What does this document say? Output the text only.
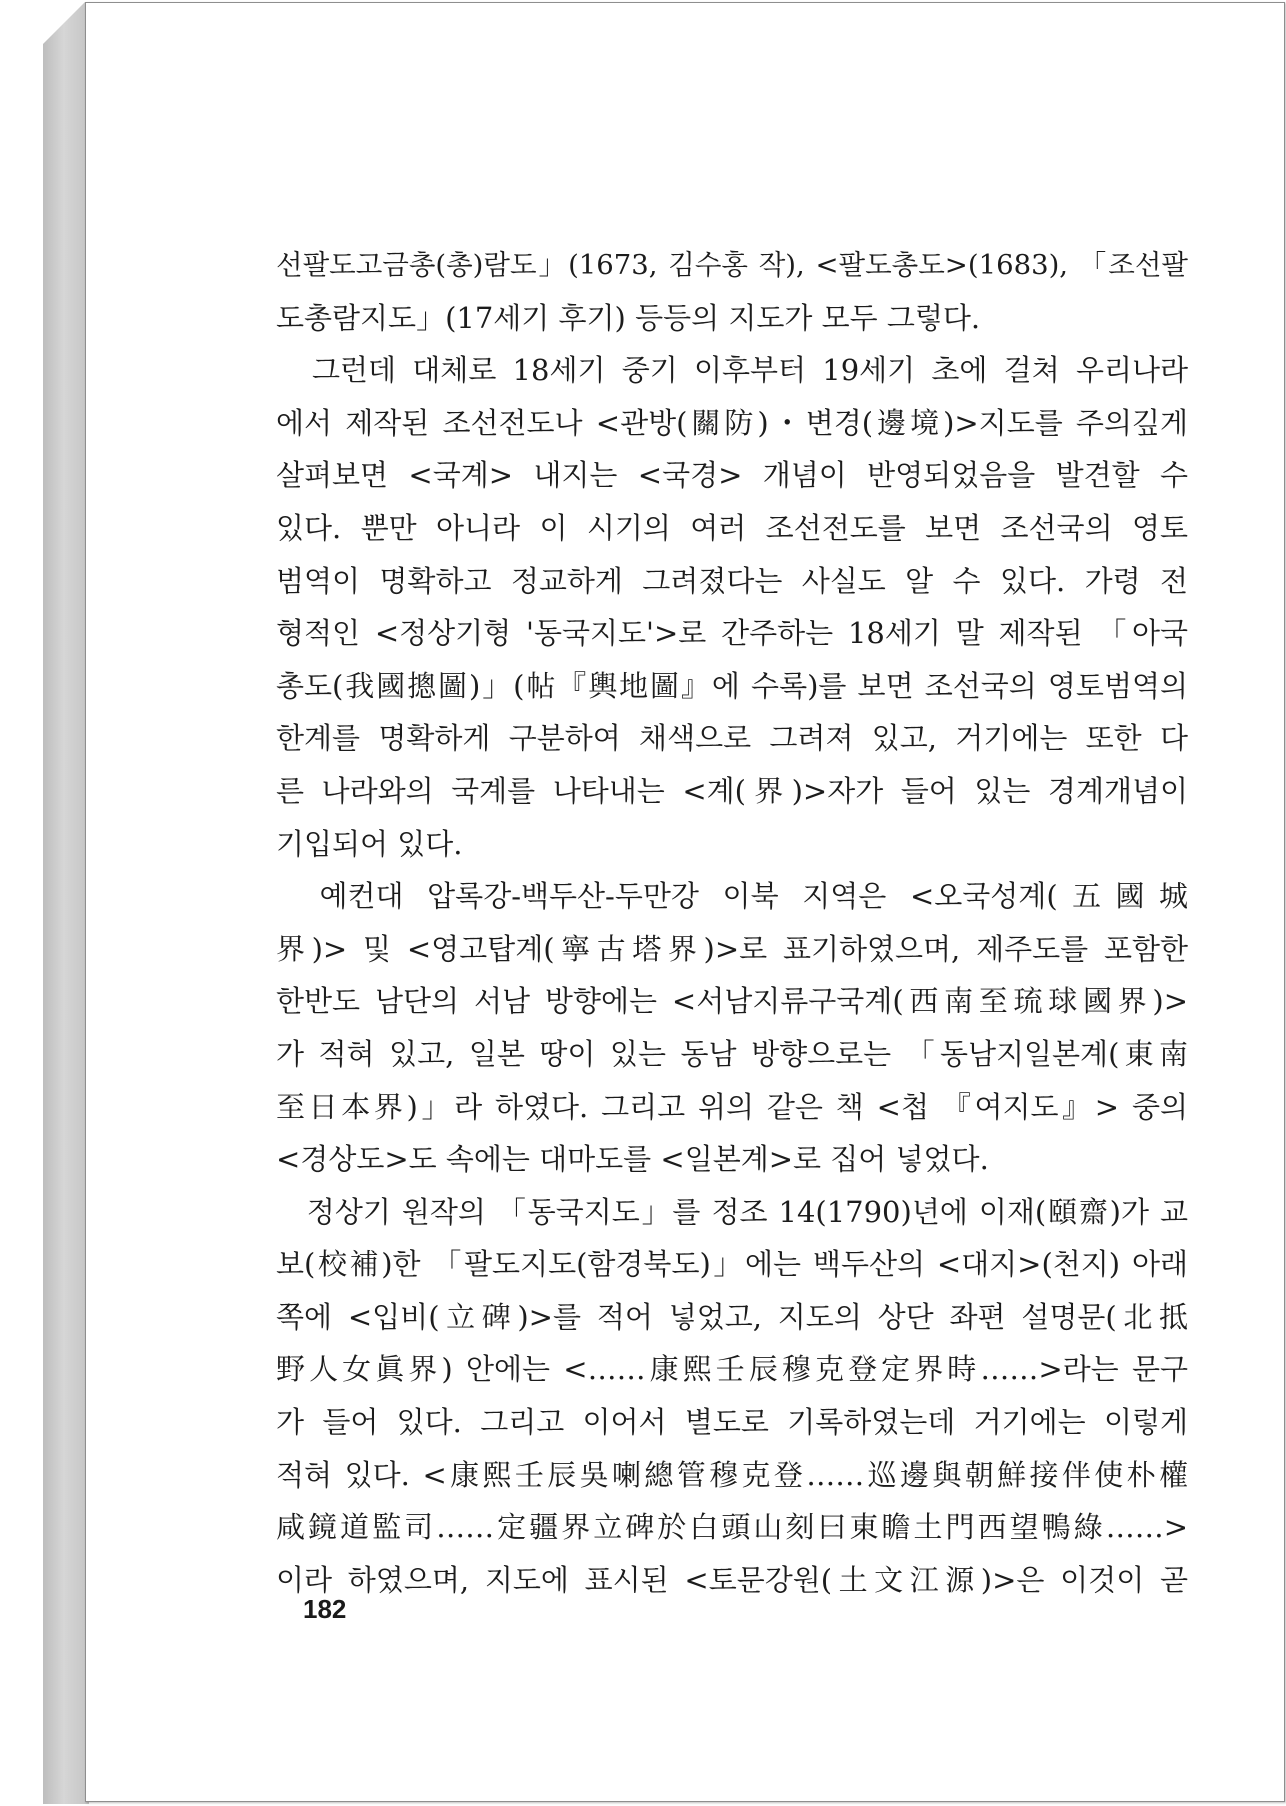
선팔도고금총(총)람도」(1673, 김수홍 작), <팔도총도>(1683), 「조선팔
도총람지도」(17세기 후기) 등등의 지도가 모두 그렇다.
　그런데 대체로 18세기 중기 이후부터 19세기 초에 걸쳐 우리나라
에서 제작된 조선전도나 <관방(關防)・변경(邊境)>지도를 주의깊게
살펴보면 <국계> 내지는 <국경> 개념이 반영되었음을 발견할 수
있다. 뿐만 아니라 이 시기의 여러 조선전도를 보면 조선국의 영토
범역이 명확하고 정교하게 그려졌다는 사실도 알 수 있다. 가령 전
형적인 <정상기형 '동국지도'>로 간주하는 18세기 말 제작된 「아국
총도(我國摠圖)」(帖『輿地圖』에 수록)를 보면 조선국의 영토범역의
한계를 명확하게 구분하여 채색으로 그려져 있고, 거기에는 또한 다
른 나라와의 국계를 나타내는 <계(界)>자가 들어 있는 경계개념이
기입되어 있다.
　예컨대 압록강-백두산-두만강 이북 지역은 <오국성계(五國城
界)> 및 <영고탑계(寧古塔界)>로 표기하였으며, 제주도를 포함한
한반도 남단의 서남 방향에는 <서남지류구국계(西南至琉球國界)>
가 적혀 있고, 일본 땅이 있는 동남 방향으로는 「동남지일본계(東南
至日本界)」라 하였다. 그리고 위의 같은 책 <첩 『여지도』> 중의
<경상도>도 속에는 대마도를 <일본계>로 집어 넣었다.
　정상기 원작의 「동국지도」를 정조 14(1790)년에 이재(頤齋)가 교
보(校補)한 「팔도지도(함경북도)」에는 백두산의 <대지>(천지) 아래
쪽에 <입비(立碑)>를 적어 넣었고, 지도의 상단 좌편 설명문(北抵
野人女眞界) 안에는 <……康熙壬辰穆克登定界時……>라는 문구
가 들어 있다. 그리고 이어서 별도로 기록하였는데 거기에는 이렇게
적혀 있다. <康熙壬辰吳喇總管穆克登……巡邊與朝鮮接伴使朴權
咸鏡道監司……定疆界立碑於白頭山刻曰東瞻土門西望鴨綠……>
이라 하였으며, 지도에 표시된 <토문강원(土文江源)>은 이것이 곧
182
